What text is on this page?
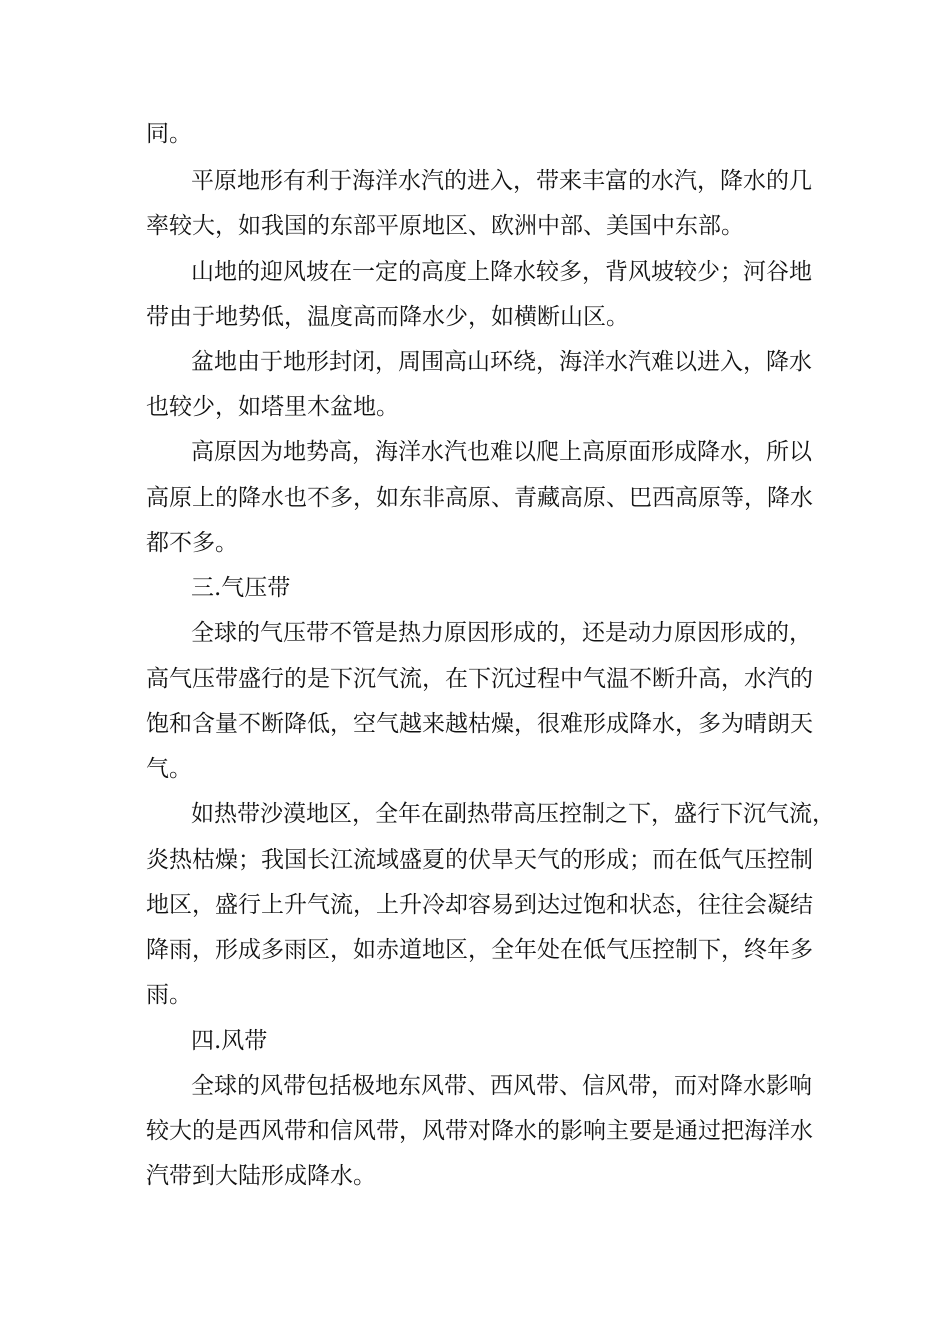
同。

平原地形有利于海洋水汽的进入，带来丰富的水汽，降水的几

率较大，如我国的东部平原地区、欧洲中部、美国中东部。

山地的迎风坡在一定的高度上降水较多，背风坡较少；河谷地

带由于地势低，温度高而降水少，如横断山区。

盆地由于地形封闭，周围高山环绕，海洋水汽难以进入，降水

也较少，如塔里木盆地。

高原因为地势高，海洋水汽也难以爬上高原面形成降水，所以

高原上的降水也不多，如东非高原、青藏高原、巴西高原等，降水

都不多。

三.气压带

全球的气压带不管是热力原因形成的，还是动力原因形成的，

高气压带盛行的是下沉气流，在下沉过程中气温不断升高，水汽的

饱和含量不断降低，空气越来越枯燥，很难形成降水，多为晴朗天

气。

如热带沙漠地区，全年在副热带高压控制之下，盛行下沉气流，

炎热枯燥；我国长江流域盛夏的伏旱天气的形成；而在低气压控制

地区，盛行上升气流，上升冷却容易到达过饱和状态，往往会凝结

降雨，形成多雨区，如赤道地区，全年处在低气压控制下，终年多

雨。

四.风带

全球的风带包括极地东风带、西风带、信风带，而对降水影响

较大的是西风带和信风带，风带对降水的影响主要是通过把海洋水

汽带到大陆形成降水。
